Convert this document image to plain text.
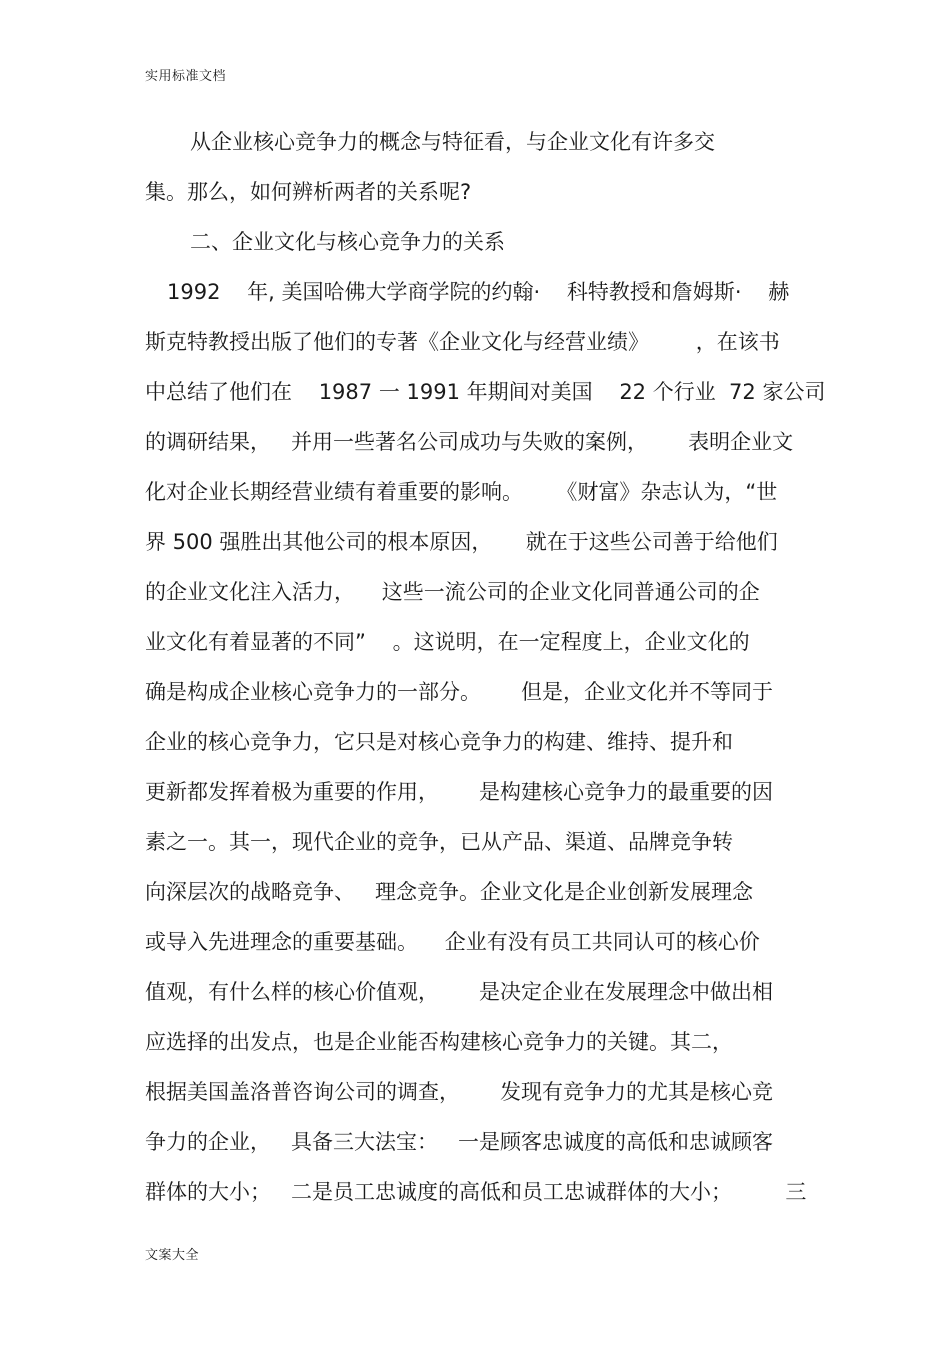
实用标准文档
从企业核心竞争力的概念与特征看，与企业文化有许多交
集。那么，如何辨析两者的关系呢?
二、企业文化与核心竞争力的关系
1992    年, 美国哈佛大学商学院的约翰·    科特教授和詹姆斯·    赫
斯克特教授出版了他们的专著《企业文化与经营业绩》       ，在该书
中总结了他们在    1987 一 1991 年期间对美国    22 个行业  72 家公司
的调研结果，   并用一些著名公司成功与失败的案例，      表明企业文
化对企业长期经营业绩有着重要的影响。     《财富》杂志认为，“世
界 500 强胜出其他公司的根本原因，     就在于这些公司善于给他们
的企业文化注入活力，    这些一流公司的企业文化同普通公司的企
业文化有着显著的不同”    。这说明，在一定程度上，企业文化的
确是构成企业核心竞争力的一部分。      但是，企业文化并不等同于
企业的核心竞争力，它只是对核心竞争力的构建、维持、提升和
更新都发挥着极为重要的作用，      是构建核心竞争力的最重要的因
素之一。其一，现代企业的竞争，已从产品、渠道、品牌竞争转
向深层次的战略竞争、   理念竞争。企业文化是企业创新发展理念
或导入先进理念的重要基础。    企业有没有员工共同认可的核心价
值观，有什么样的核心价值观，      是决定企业在发展理念中做出相
应选择的出发点，也是企业能否构建核心竞争力的关键。其二，
根据美国盖洛普咨询公司的调查，      发现有竞争力的尤其是核心竞
争力的企业，   具备三大法宝：   一是顾客忠诚度的高低和忠诚顾客
群体的大小；   二是员工忠诚度的高低和员工忠诚群体的大小；        三
文案大全
